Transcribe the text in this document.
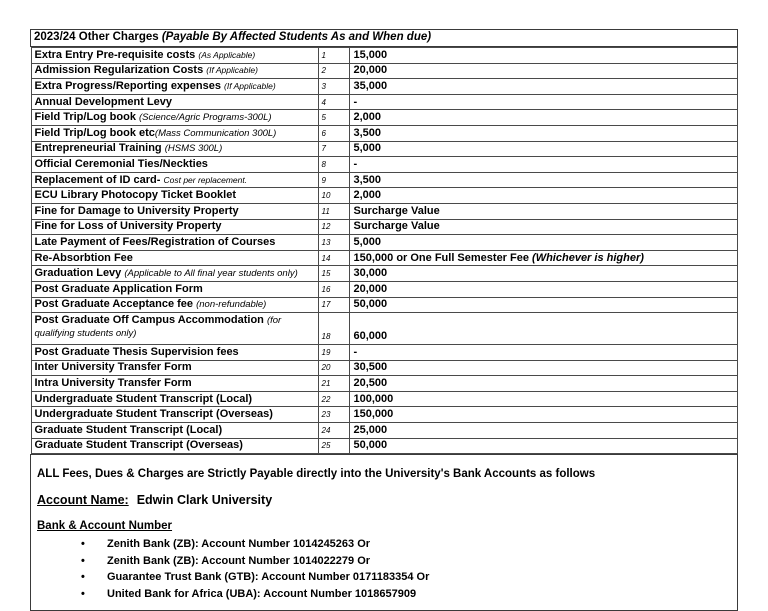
2023/24 Other Charges (Payable By Affected Students As and When due)

Extra Entry Pre-requisite costs (As Applicable)	1	15,000
Admission Regularization Costs (If Applicable)	2	20,000
Extra Progress/Reporting expenses (If Applicable)	3	35,000
Annual Development Levy	4	-
Field Trip/Log book (Science/Agric Programs-300L)	5	2,000
Field Trip/Log book etc(Mass Communication 300L)	6	3,500
Entrepreneurial Training (HSMS 300L)	7	5,000
Official Ceremonial Ties/Neckties	8	-
Replacement of ID card- Cost per replacement.	9	3,500
ECU Library Photocopy Ticket Booklet	10	2,000
Fine for Damage to University Property	11	Surcharge Value
Fine for Loss of University Property	12	Surcharge Value
Late Payment of Fees/Registration of Courses	13	5,000
Re-Absorbtion Fee	14	150,000 or One Full Semester Fee (Whichever is higher)
Graduation Levy (Applicable to All final year students only)	15	30,000
Post Graduate Application Form	16	20,000
Post Graduate Acceptance fee (non-refundable)	17	50,000
Post Graduate Off Campus Accommodation (for
qualifying students only)	18	60,000
Post Graduate Thesis Supervision fees	19	-
Inter University Transfer Form	20	30,500
Intra University Transfer Form	21	20,500
Undergraduate Student Transcript (Local)	22	100,000
Undergraduate Student Transcript (Overseas)	23	150,000
Graduate Student Transcript (Local)	24	25,000
Graduate Student Transcript (Overseas)	25	50,000

ALL Fees, Dues & Charges are Strictly Payable directly into the University's Bank Accounts as follows

Account Name: Edwin Clark University

Bank & Account Number
• Zenith Bank (ZB): Account Number 1014245263 Or
• Zenith Bank (ZB): Account Number 1014022279 Or
• Guarantee Trust Bank (GTB): Account Number 0171183354 Or
• United Bank for Africa (UBA): Account Number 1018657909
